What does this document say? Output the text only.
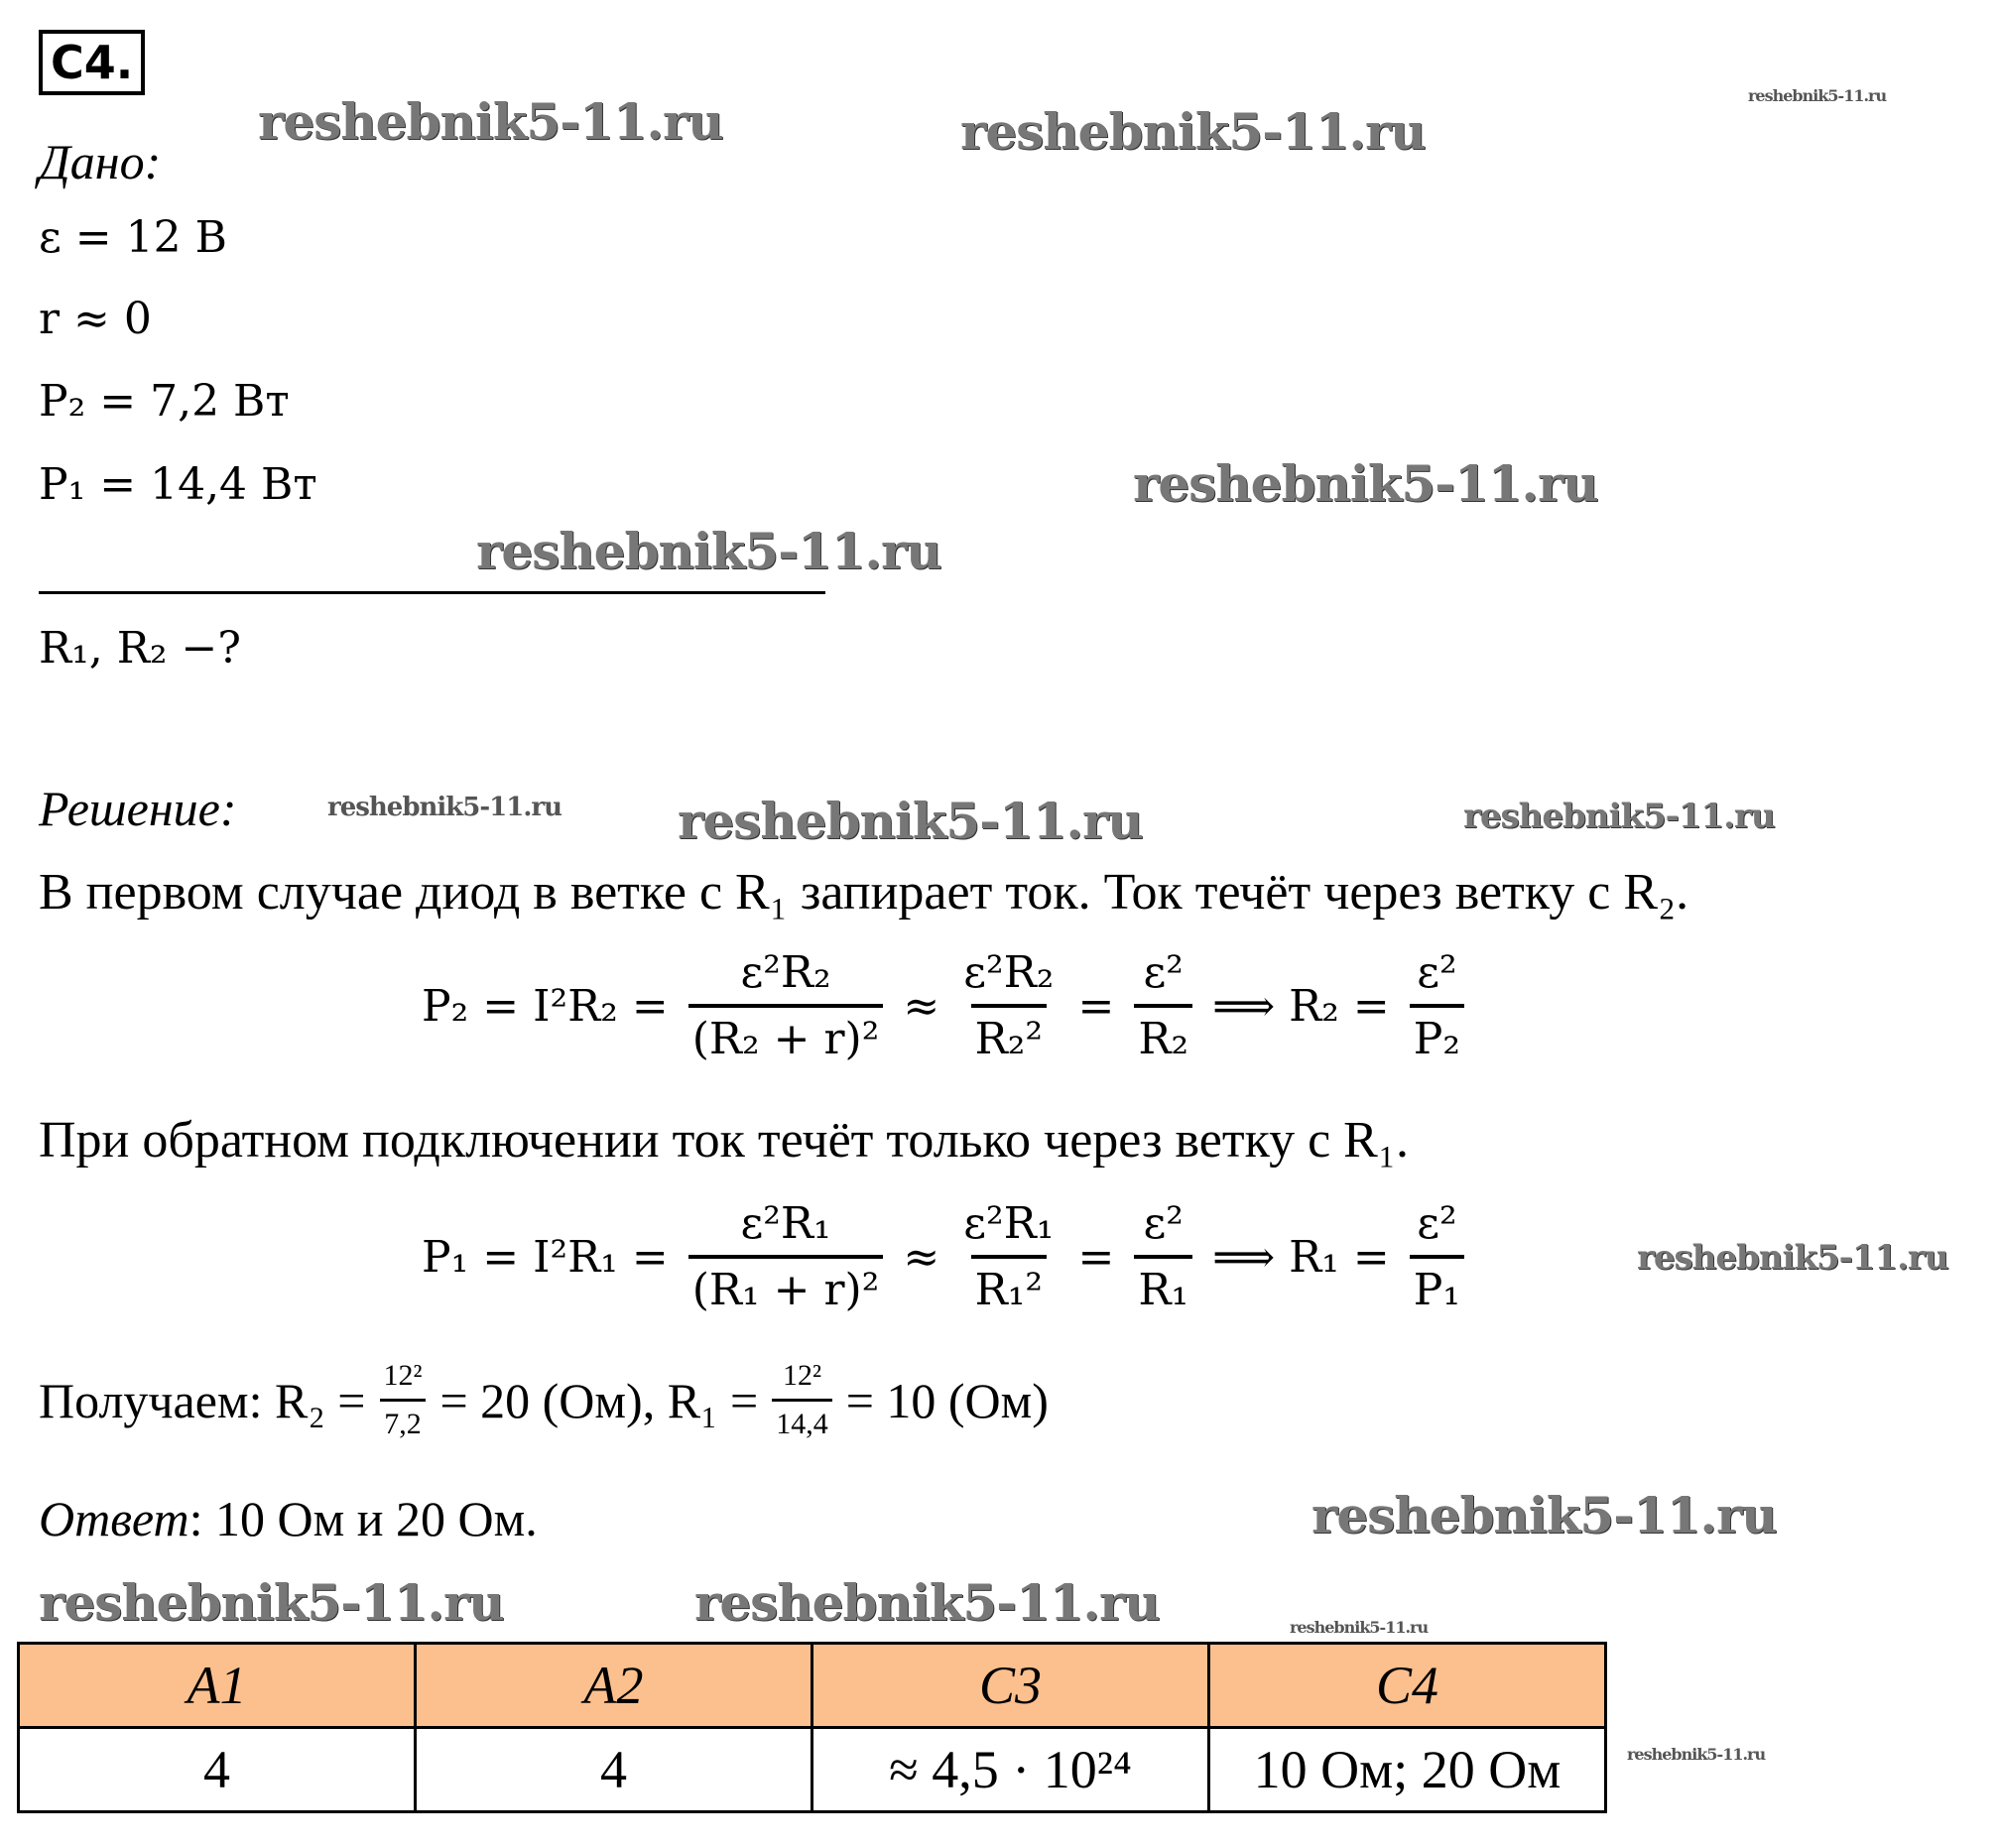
C4.
Дано:
ε = 12 В
r ≈ 0
P₂ = 7,2 Вт
P₁ = 14,4 Вт
R₁, R₂ −?
Решение:
В первом случае диод в ветке с R₁ запирает ток. Ток течёт через ветку с R₂.
$P_2 = I^2R_2 = \frac{\text{ε²R₂}}{\text{(R₂ + r)²}} \approx \frac{\text{ε²R₂}}{\text{R₂²}} = \frac{\text{ε²}}{\text{R₂}}$ ⟹ $R_2 = \frac{\text{ε²}}{\text{P₂}}$
При обратном подключении ток течёт только через ветку с R₁.
$P_1 = I^2R_1 = \frac{\text{ε²R₁}}{\text{(R₁ + r)²}} \approx \frac{\text{ε²R₁}}{\text{R₁²}} = \frac{\text{ε²}}{\text{R₁}}$ ⟹ $R_1 = \frac{\text{ε²}}{\text{P₁}}$
Получаем: $R_2 = \frac{\text{12²}}{7,2} = 20$ (Ом), $R_1 = \frac{\text{12²}}{14,4} = 10$ (Ом)
Ответ: 10 Ом и 20 Ом.
A1	A2	C3	C4
4	4	≈ 4,5 · 10²⁴	10 Ом; 20 Ом
reshebnik5-11.ru	reshebnik5-11.ru
reshebnik5-11.ru
reshebnik5-11.ru
reshebnik5-11.ru
reshebnik5-11.ru	reshebnik5-11.ru
reshebnik5-11.ru
reshebnik5-11.ru
reshebnik5-11.ru
reshebnik5-11.ru
reshebnik5-11.ru	reshebnik5-11.ru
reshebnik5-11.ru
